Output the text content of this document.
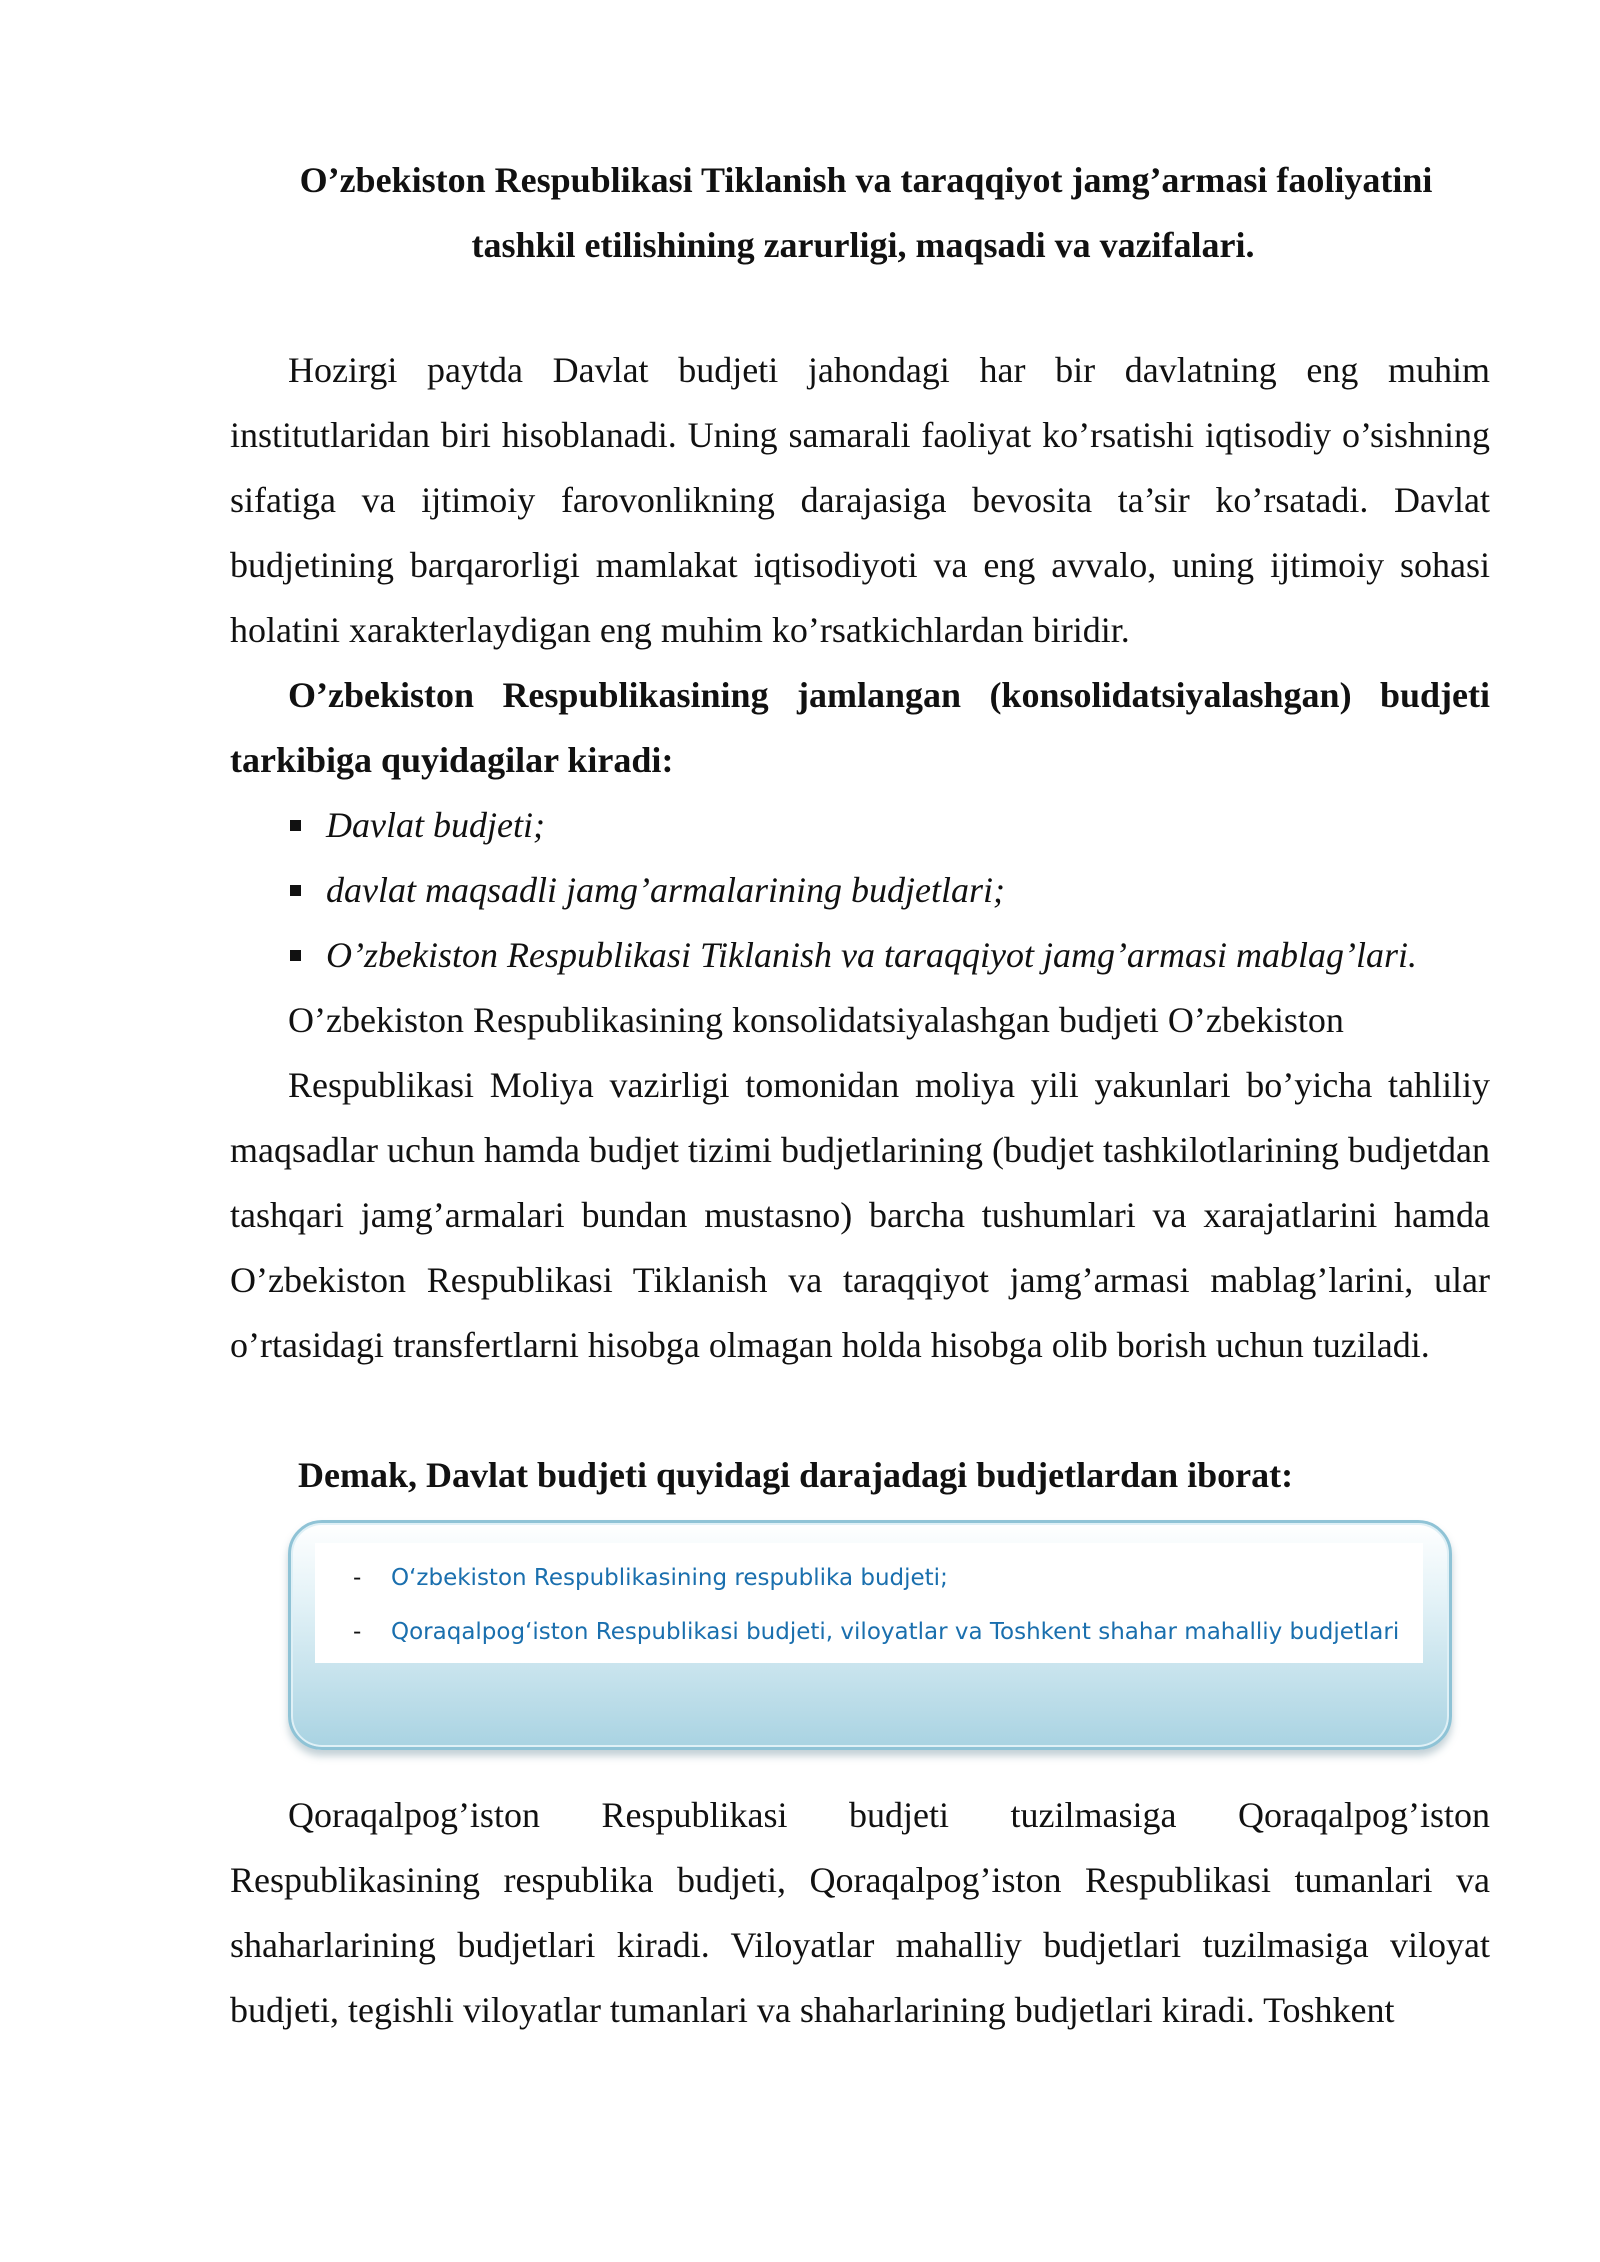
O’zbekiston Respublikasi Tiklanish va taraqqiyot jamg’armasi faoliyatini
tashkil etilishining zarurligi, maqsadi va vazifalari.

Hozirgi paytda Davlat budjeti jahondagi har bir davlatning eng muhim institutlaridan biri hisoblanadi. Uning samarali faoliyat ko’rsatishi iqtisodiy o’sishning sifatiga va ijtimoiy farovonlikning darajasiga bevosita ta’sir ko’rsatadi. Davlat budjetining barqarorligi mamlakat iqtisodiyoti va eng avvalo, uning ijtimoiy sohasi holatini xarakterlaydigan eng muhim ko’rsatkichlardan biridir.

O’zbekiston Respublikasining jamlangan (konsolidatsiyalashgan) budjeti tarkibiga quyidagilar kiradi:

Davlat budjeti;
davlat maqsadli jamg’armalarining budjetlari;
O’zbekiston Respublikasi Tiklanish va taraqqiyot jamg’armasi mablag’lari.
O’zbekiston Respublikasining konsolidatsiyalashgan budjeti O’zbekiston

Respublikasi Moliya vazirligi tomonidan moliya yili yakunlari bo’yicha tahliliy maqsadlar uchun hamda budjet tizimi budjetlarining (budjet tashkilotlarining budjetdan tashqari jamg’armalari bundan mustasno) barcha tushumlari va xarajatlarini hamda O’zbekiston Respublikasi Tiklanish va taraqqiyot jamg’armasi mablag’larini, ular o’rtasidagi transfertlarni hisobga olmagan holda hisobga olib borish uchun tuziladi.

Demak, Davlat budjeti quyidagi darajadagi budjetlardan iborat:

Qoraqalpog’iston Respublikasi budjeti tuzilmasiga Qoraqalpog’iston Respublikasining respublika budjeti, Qoraqalpog’iston Respublikasi tumanlari va shaharlarining budjetlari kiradi. Viloyatlar mahalliy budjetlari tuzilmasiga viloyat budjeti, tegishli viloyatlar tumanlari va shaharlarining budjetlari kiradi. Toshkent

- O‘zbekiston Respublikasining respublika budjeti;
- Qoraqalpog‘iston Respublikasi budjeti, viloyatlar va Toshkent shahar mahalliy budjetlari
